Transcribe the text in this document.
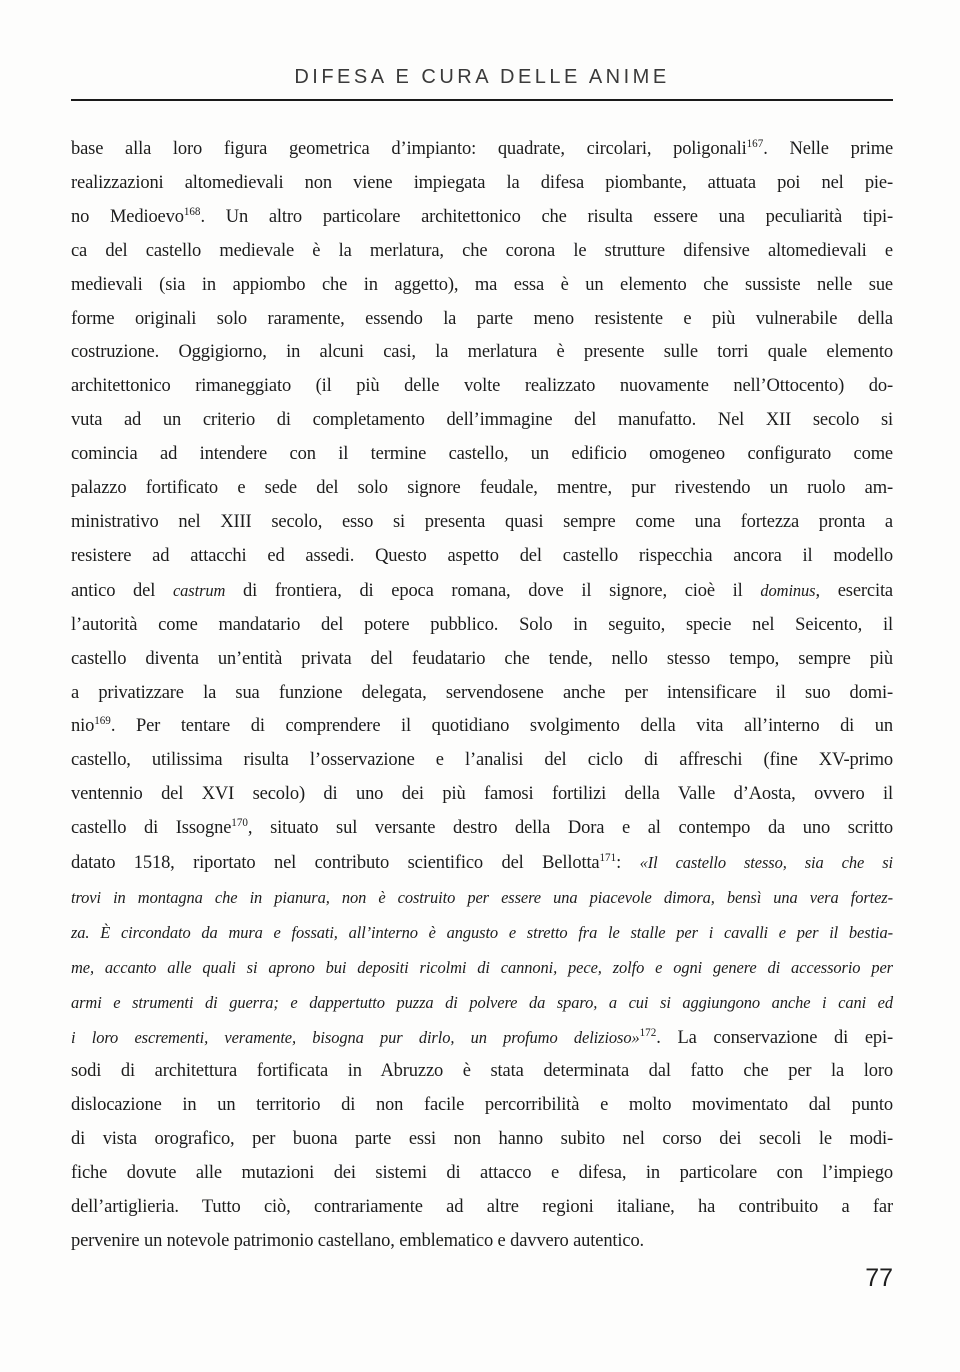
DIFESA E CURA DELLE ANIME
base alla loro figura geometrica d’impianto: quadrate, circolari, poligonali$^{167}$. Nelle prime
realizzazioni altomedievali non viene impiegata la difesa piombante, attuata poi nel pie-
no Medioevo$^{168}$. Un altro particolare architettonico che risulta essere una peculiarità tipi-
ca del castello medievale è la merlatura, che corona le strutture difensive altomedievali e
medievali (sia in appiombo che in aggetto), ma essa è un elemento che sussiste nelle sue
forme originali solo raramente, essendo la parte meno resistente e più vulnerabile della
costruzione. Oggigiorno, in alcuni casi, la merlatura è presente sulle torri quale elemento
architettonico rimaneggiato (il più delle volte realizzato nuovamente nell’Ottocento) do-
vuta ad un criterio di completamento dell’immagine del manufatto. Nel XII secolo si
comincia ad intendere con il termine castello, un edificio omogeneo configurato come
palazzo fortificato e sede del solo signore feudale, mentre, pur rivestendo un ruolo am-
ministrativo nel XIII secolo, esso si presenta quasi sempre come una fortezza pronta a
resistere ad attacchi ed assedi. Questo aspetto del castello rispecchia ancora il modello
antico del castrum di frontiera, di epoca romana, dove il signore, cioè il dominus, esercita
l’autorità come mandatario del potere pubblico. Solo in seguito, specie nel Seicento, il
castello diventa un’entità privata del feudatario che tende, nello stesso tempo, sempre più
a privatizzare la sua funzione delegata, servendosene anche per intensificare il suo domi-
nio$^{169}$. Per tentare di comprendere il quotidiano svolgimento della vita all’interno di un
castello, utilissima risulta l’osservazione e l’analisi del ciclo di affreschi (fine XV-primo
ventennio del XVI secolo) di uno dei più famosi fortilizi della Valle d’Aosta, ovvero il
castello di Issogne$^{170}$, situato sul versante destro della Dora e al contempo da uno scritto
datato 1518, riportato nel contributo scientifico del Bellotta$^{171}$: «Il castello stesso, sia che si
trovi in montagna che in pianura, non è costruito per essere una piacevole dimora, bensì una vera fortez-
za. È circondato da mura e fossati, all’interno è angusto e stretto fra le stalle per i cavalli e per il bestia-
me, accanto alle quali si aprono bui depositi ricolmi di cannoni, pece, zolfo e ogni genere di accessorio per
armi e strumenti di guerra; e dappertutto puzza di polvere da sparo, a cui si aggiungono anche i cani ed
i loro escrementi, veramente, bisogna pur dirlo, un profumo delizioso»$^{172}$. La conservazione di epi-
sodi di architettura fortificata in Abruzzo è stata determinata dal fatto che per la loro
dislocazione in un territorio di non facile percorribilità e molto movimentato dal punto
di vista orografico, per buona parte essi non hanno subito nel corso dei secoli le modi-
fiche dovute alle mutazioni dei sistemi di attacco e difesa, in particolare con l’impiego
dell’artiglieria. Tutto ciò, contrariamente ad altre regioni italiane, ha contribuito a far
pervenire un notevole patrimonio castellano, emblematico e davvero autentico.
77
